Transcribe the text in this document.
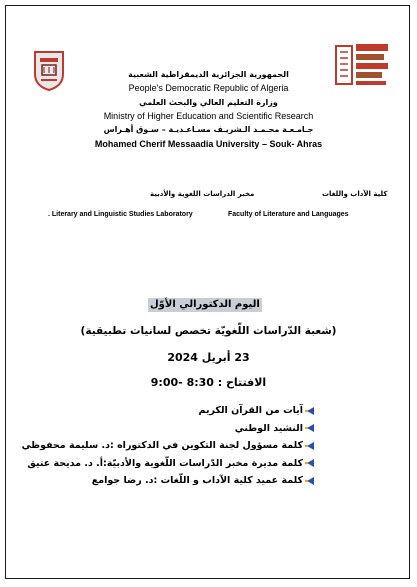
الجمهورية الجزائرية الديمقراطية الشعبية
People's Democratic Republic of Algeria
وزارة التعليم العالي والبحث العلمي
Ministry of Higher Education and Scientific Research
جـامـعـة محـمـد الـشريـف مسـاعـديـة – سـوق أهـراس
Mohamed Cherif Messaadia University – Souk- Ahras
كلية الآداب واللغات
مخبر الدراسات اللغوية والأدبية
. Literary and Linguistic Studies Laboratory	Faculty of Literature and Languages
اليوم الدكتورالي الأوّل
(شعبة الدّراسات اللّغويّة تخصص لسانيات تطبيقية)
23 أبريل 2024
الافتتاح : 8:30 -9:00
آيات من القرآن الكريم
النشيد الوطني
كلمة مسؤول لجنة التكوين في الدكتوراه :د. سليمة محفوظي
كلمة مديرة مخبر الدّراسات اللّغوية والأدبيّة:أ. د. مديحة عتيق
كلمة عميد كلية الآداب و اللّغات :د. رضا جوامع
